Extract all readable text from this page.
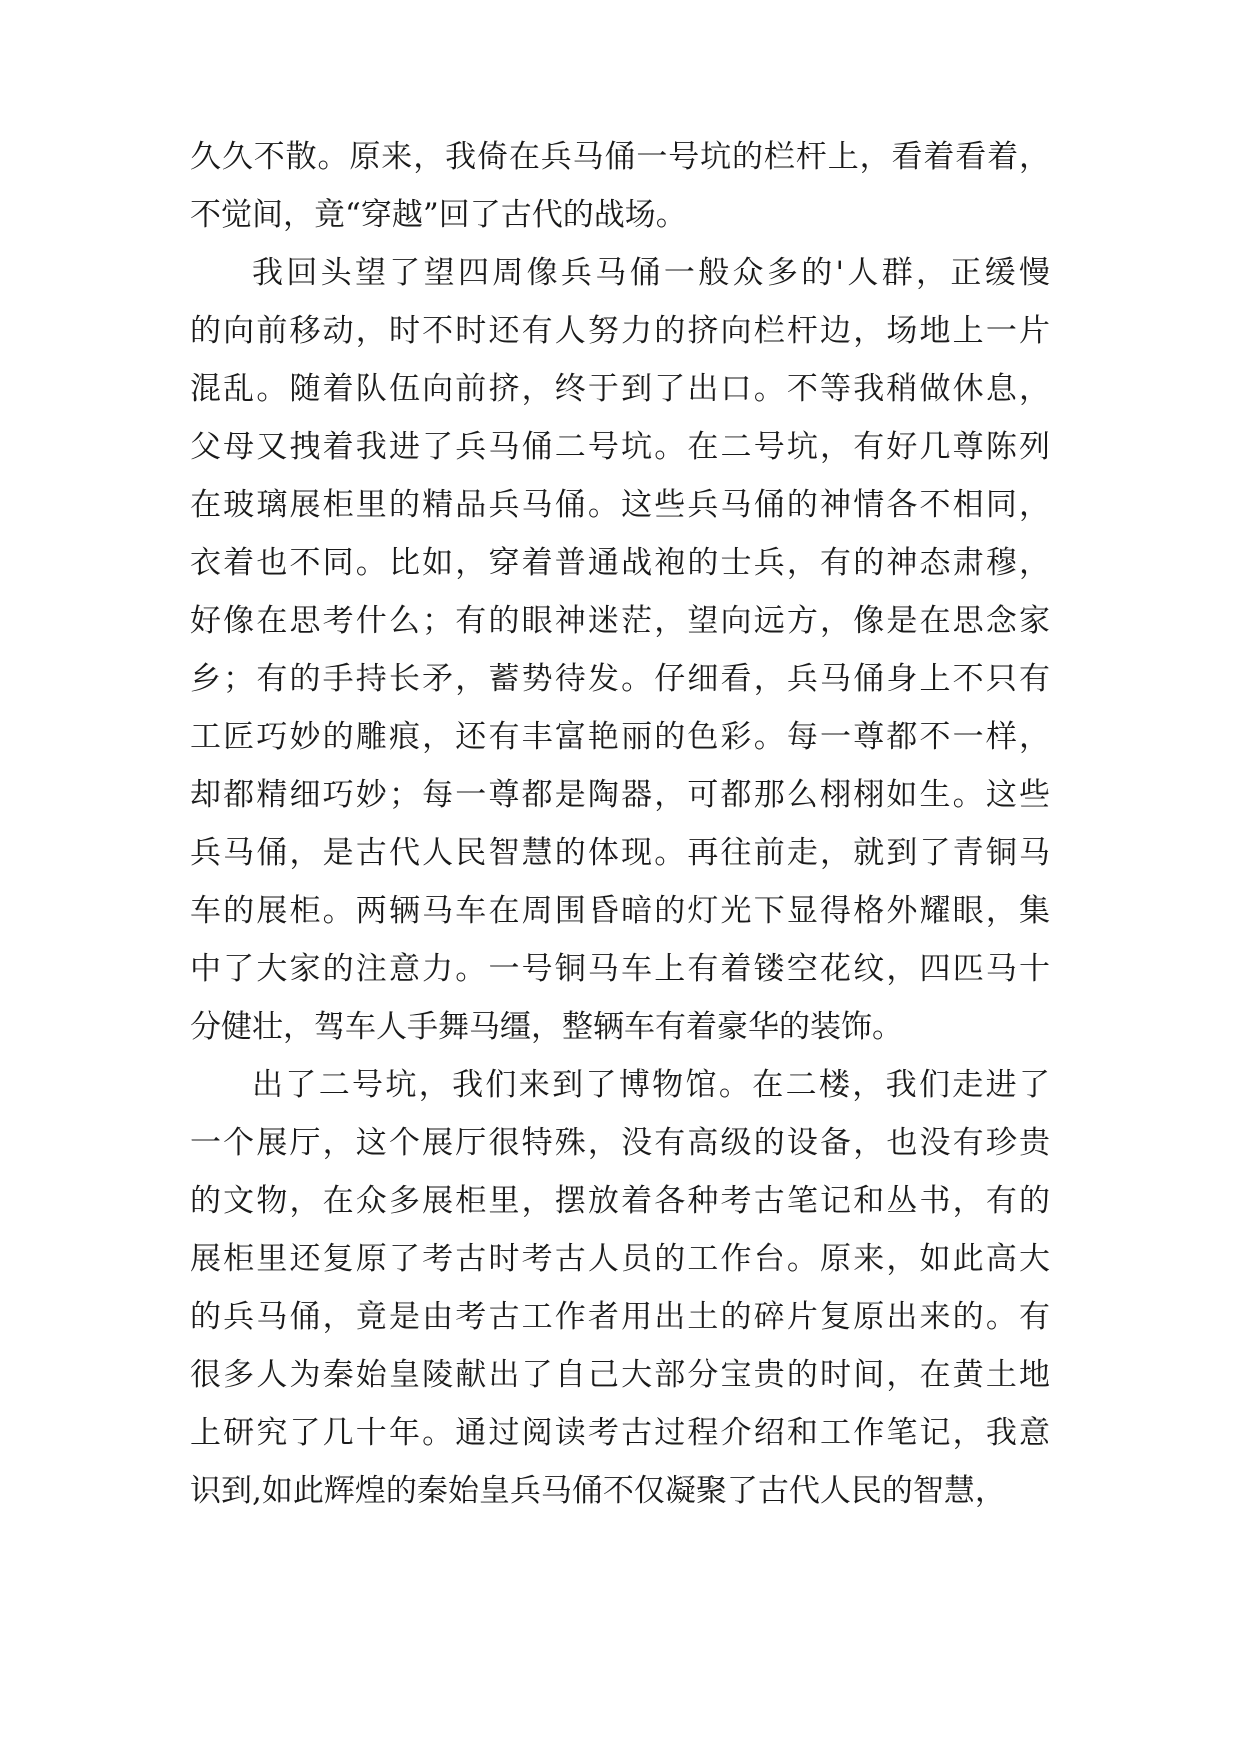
久久不散。原来，我倚在兵马俑一号坑的栏杆上，看着看着，
不觉间，竟“穿越”回了古代的战场。
我回头望了望四周像兵马俑一般众多的'人群，正缓慢
的向前移动，时不时还有人努力的挤向栏杆边，场地上一片
混乱。随着队伍向前挤，终于到了出口。不等我稍做休息，
父母又拽着我进了兵马俑二号坑。在二号坑，有好几尊陈列
在玻璃展柜里的精品兵马俑。这些兵马俑的神情各不相同，
衣着也不同。比如，穿着普通战袍的士兵，有的神态肃穆，
好像在思考什么；有的眼神迷茫，望向远方，像是在思念家
乡；有的手持长矛，蓄势待发。仔细看，兵马俑身上不只有
工匠巧妙的雕痕，还有丰富艳丽的色彩。每一尊都不一样，
却都精细巧妙；每一尊都是陶器，可都那么栩栩如生。这些
兵马俑，是古代人民智慧的体现。再往前走，就到了青铜马
车的展柜。两辆马车在周围昏暗的灯光下显得格外耀眼，集
中了大家的注意力。一号铜马车上有着镂空花纹，四匹马十
分健壮，驾车人手舞马缰，整辆车有着豪华的装饰。
出了二号坑，我们来到了博物馆。在二楼，我们走进了
一个展厅，这个展厅很特殊，没有高级的设备，也没有珍贵
的文物，在众多展柜里，摆放着各种考古笔记和丛书，有的
展柜里还复原了考古时考古人员的工作台。原来，如此高大
的兵马俑，竟是由考古工作者用出土的碎片复原出来的。有
很多人为秦始皇陵献出了自己大部分宝贵的时间，在黄土地
上研究了几十年。通过阅读考古过程介绍和工作笔记，我意
识到,如此辉煌的秦始皇兵马俑不仅凝聚了古代人民的智慧，
